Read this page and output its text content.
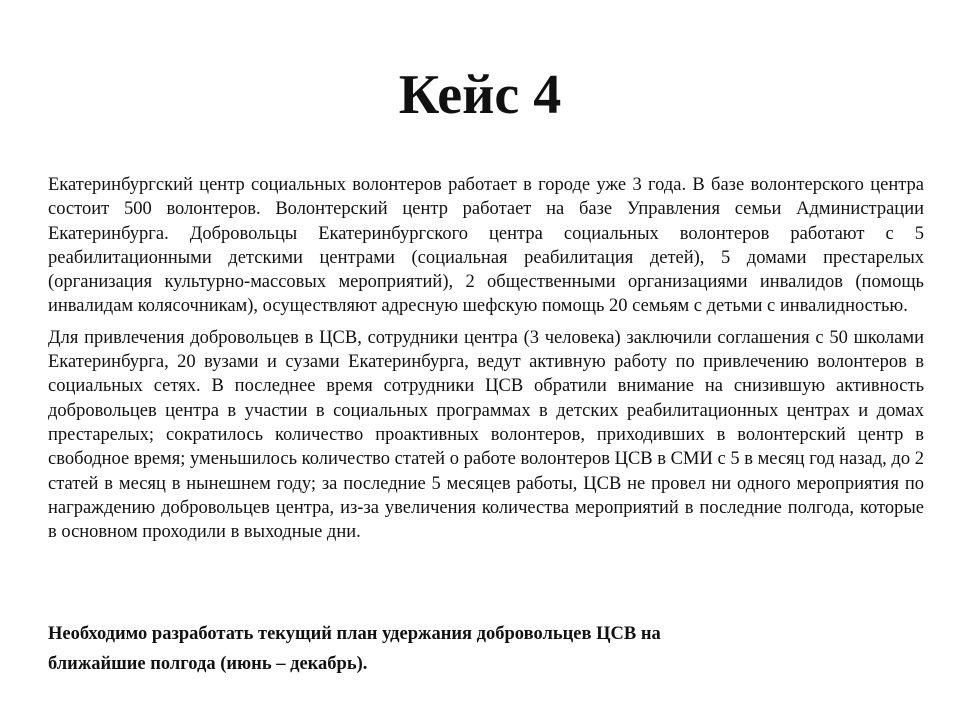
Кейс 4

Екатеринбургский центр социальных волонтеров работает в городе уже 3 года. В базе волонтерского центра состоит 500 волонтеров. Волонтерский центр работает на базе Управления семьи Администрации Екатеринбурга. Добровольцы Екатеринбургского центра социальных волонтеров работают с 5 реабилитационными детскими центрами (социальная реабилитация детей), 5 домами престарелых (организация культурно-массовых мероприятий), 2 общественными организациями инвалидов (помощь инвалидам колясочникам), осуществляют адресную шефскую помощь 20 семьям с детьми с инвалидностью.

Для привлечения добровольцев в ЦСВ, сотрудники центра (3 человека) заключили соглашения с 50 школами Екатеринбурга, 20 вузами и сузами Екатеринбурга, ведут активную работу по привлечению волонтеров в социальных сетях. В последнее время сотрудники ЦСВ обратили внимание на снизившую активность добровольцев центра в участии в социальных программах в детских реабилитационных центрах и домах престарелых; сократилось количество проактивных волонтеров, приходивших в волонтерский центр в свободное время; уменьшилось количество статей о работе волонтеров ЦСВ в СМИ с 5 в месяц год назад, до 2 статей в месяц в нынешнем году; за последние 5 месяцев работы, ЦСВ не провел ни одного мероприятия по награждению добровольцев центра, из-за увеличения количества мероприятий в последние полгода, которые в основном проходили в выходные дни.

Необходимо разработать текущий план удержания добровольцев ЦСВ на
ближайшие полгода (июнь – декабрь).
